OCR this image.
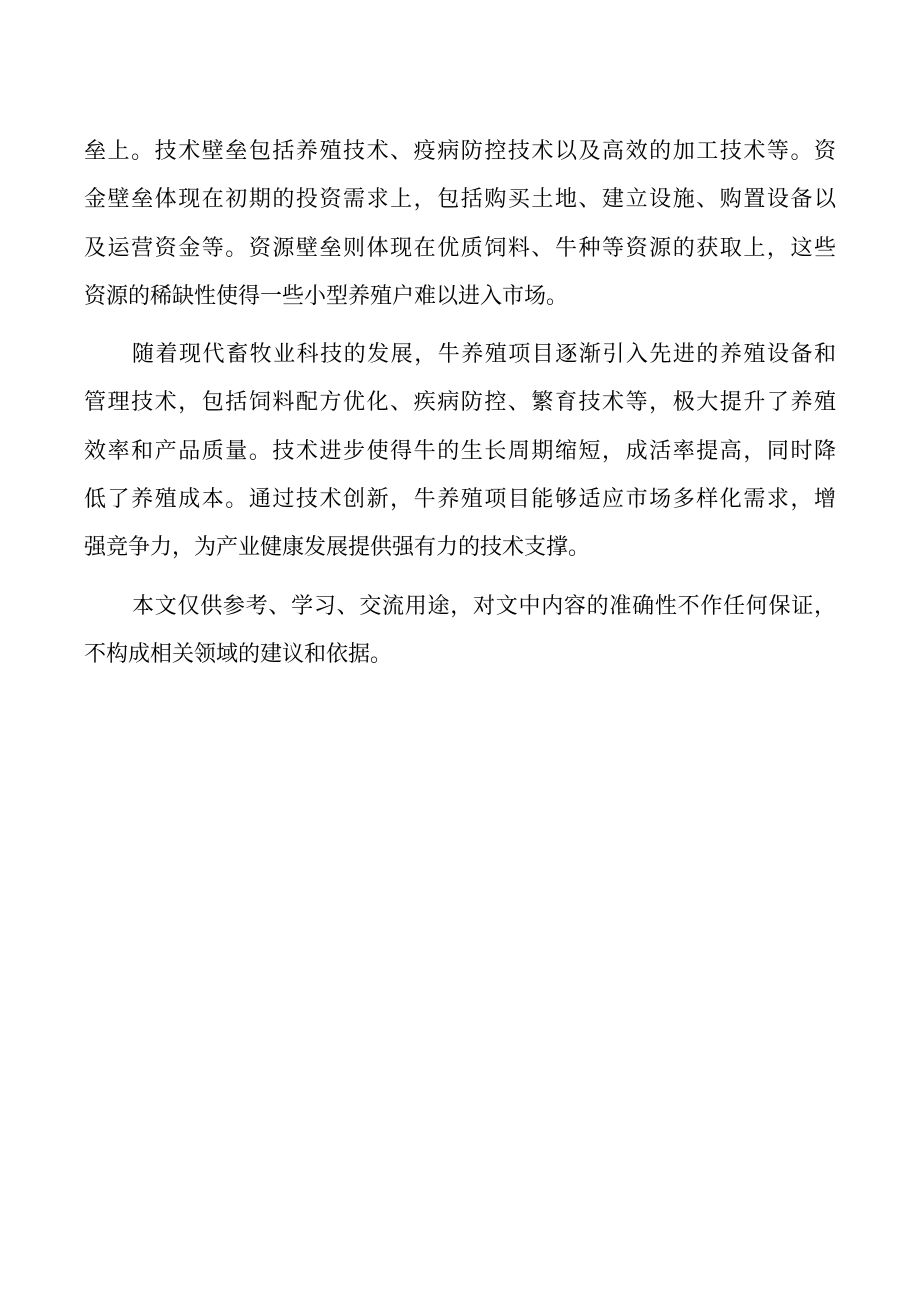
垒上。技术壁垒包括养殖技术、疫病防控技术以及高效的加工技术等。资
金壁垒体现在初期的投资需求上，包括购买土地、建立设施、购置设备以
及运营资金等。资源壁垒则体现在优质饲料、牛种等资源的获取上，这些
资源的稀缺性使得一些小型养殖户难以进入市场。
随着现代畜牧业科技的发展，牛养殖项目逐渐引入先进的养殖设备和
管理技术，包括饲料配方优化、疾病防控、繁育技术等，极大提升了养殖
效率和产品质量。技术进步使得牛的生长周期缩短，成活率提高，同时降
低了养殖成本。通过技术创新，牛养殖项目能够适应市场多样化需求，增
强竞争力，为产业健康发展提供强有力的技术支撑。
本文仅供参考、学习、交流用途，对文中内容的准确性不作任何保证，
不构成相关领域的建议和依据。
